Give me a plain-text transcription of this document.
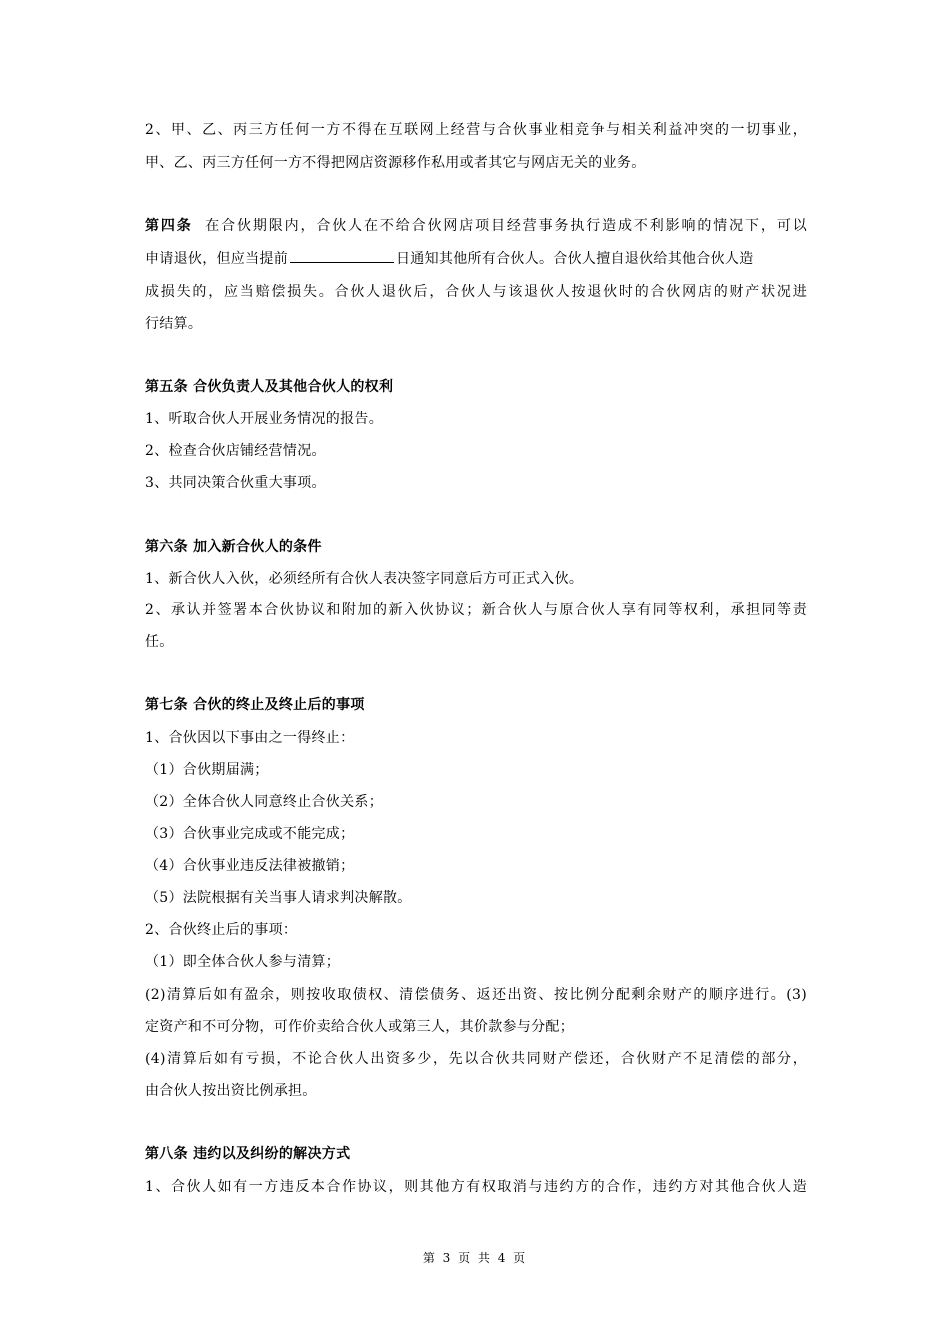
2、甲、乙、丙三方任何一方不得在互联网上经营与合伙事业相竞争与相关利益冲突的一切事业，
甲、乙、丙三方任何一方不得把网店资源移作私用或者其它与网店无关的业务。
第四条 在合伙期限内，合伙人在不给合伙网店项目经营事务执行造成不利影响的情况下，可以
申请退伙，但应当提前	日通知其他所有合伙人。合伙人擅自退伙给其他合伙人造
成损失的，应当赔偿损失。合伙人退伙后，合伙人与该退伙人按退伙时的合伙网店的财产状况进
行结算。
第五条 合伙负责人及其他合伙人的权利
1、听取合伙人开展业务情况的报告。
2、检查合伙店铺经营情况。
3、共同决策合伙重大事项。
第六条 加入新合伙人的条件
1、新合伙人入伙，必须经所有合伙人表决签字同意后方可正式入伙。
2、承认并签署本合伙协议和附加的新入伙协议；新合伙人与原合伙人享有同等权利，承担同等责
任。
第七条 合伙的终止及终止后的事项
1、合伙因以下事由之一得终止：
（1）合伙期届满；
（2）全体合伙人同意终止合伙关系；
（3）合伙事业完成或不能完成；
（4）合伙事业违反法律被撤销；
（5）法院根据有关当事人请求判决解散。
2、合伙终止后的事项：
（1）即全体合伙人参与清算；
(2)清算后如有盈余，则按收取债权、清偿债务、返还出资、按比例分配剩余财产的顺序进行。(3)
定资产和不可分物，可作价卖给合伙人或第三人，其价款参与分配；
(4)清算后如有亏损，不论合伙人出资多少，先以合伙共同财产偿还，合伙财产不足清偿的部分，
由合伙人按出资比例承担。
第八条 违约以及纠纷的解决方式
1、合伙人如有一方违反本合作协议，则其他方有权取消与违约方的合作，违约方对其他合伙人造
第 3 页 共 4 页
